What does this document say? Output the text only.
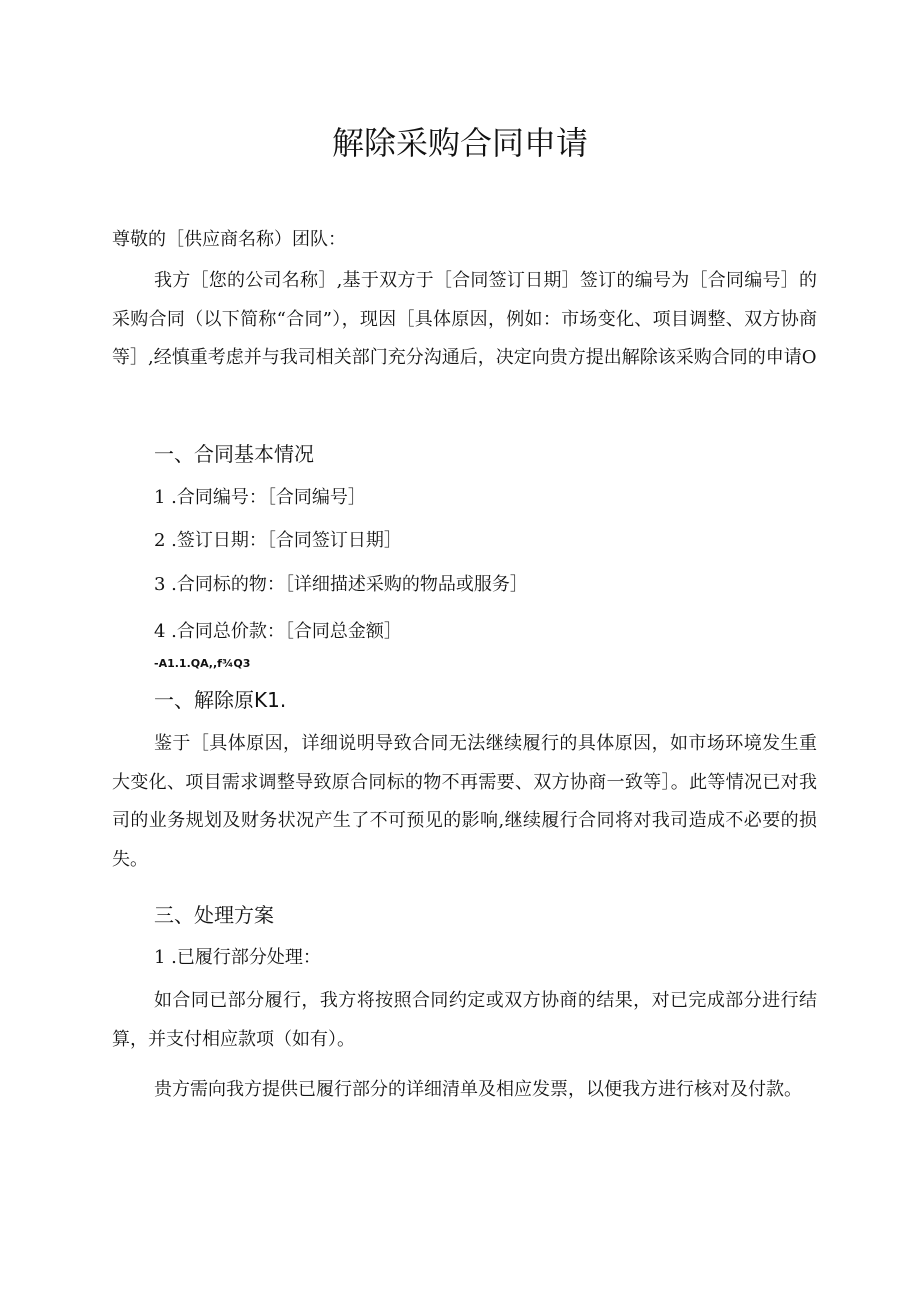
解除采购合同申请

尊敬的［供应商名称）团队：

我方［您的公司名称］,基于双方于［合同签订日期］签订的编号为［合同编号］的采购合同（以下简称“合同”），现因［具体原因，例如：市场变化、项目调整、双方协商等］,经慎重考虑并与我司相关部门充分沟通后，决定向贵方提出解除该采购合同的申请O

一、合同基本情况

1 .合同编号：［合同编号］

2 .签订日期：［合同签订日期］

3 .合同标的物：［详细描述采购的物品或服务］

4 .合同总价款：［合同总金额］

-A1.1.QA,,f¾Q3

一、解除原K1.

鉴于［具体原因，详细说明导致合同无法继续履行的具体原因，如市场环境发生重大变化、项目需求调整导致原合同标的物不再需要、双方协商一致等］。此等情况已对我司的业务规划及财务状况产生了不可预见的影响,继续履行合同将对我司造成不必要的损失。

三、处理方案

1 .已履行部分处理：

如合同已部分履行，我方将按照合同约定或双方协商的结果，对已完成部分进行结算，并支付相应款项（如有）。

贵方需向我方提供已履行部分的详细清单及相应发票，以便我方进行核对及付款。
